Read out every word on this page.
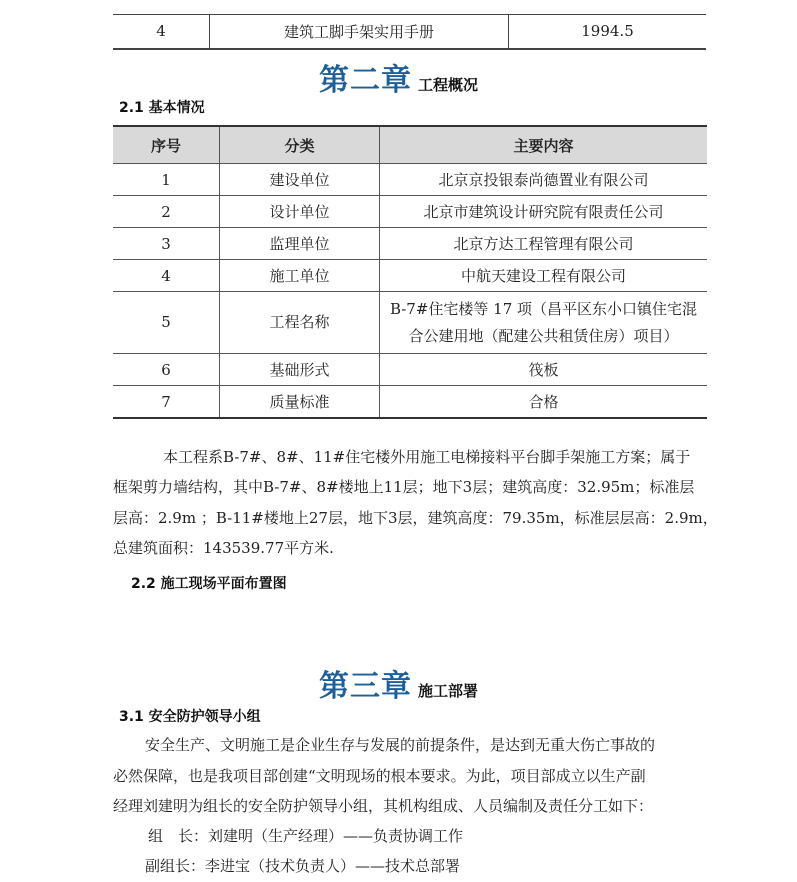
4	建筑工脚手架实用手册	1994.5
第二章 工程概况
2.1 基本情况
序号	分类	主要内容
1	建设单位	北京京投银泰尚德置业有限公司
2	设计单位	北京市建筑设计研究院有限责任公司
3	监理单位	北京方达工程管理有限公司
4	施工单位	中航天建设工程有限公司
5	工程名称	B-7#住宅楼等 17 项（昌平区东小口镇住宅混
合公建用地（配建公共租赁住房）项目）

6	基础形式	筏板
7	质量标准	合格
本工程系B-7#、8#、11#住宅楼外用施工电梯接料平台脚手架施工方案；属于
框架剪力墙结构，其中B-7#、8#楼地上11层；地下3层；建筑高度：32.95m；标准层
层高：2.9m ；B-11#楼地上27层，地下3层，建筑高度：79.35m，标准层层高：2.9m，
总建筑面积：143539.77平方米.
2.2 施工现场平面布置图
第三章 施工部署
3.1 安全防护领导小组
安全生产、文明施工是企业生存与发展的前提条件，是达到无重大伤亡事故的
必然保障，也是我项目部创建“文明现场的根本要求。为此，项目部成立以生产副
经理刘建明为组长的安全防护领导小组，其机构组成、人员编制及责任分工如下：
组　长：刘建明（生产经理）——负责协调工作
副组长：李进宝（技术负责人）——技术总部署
